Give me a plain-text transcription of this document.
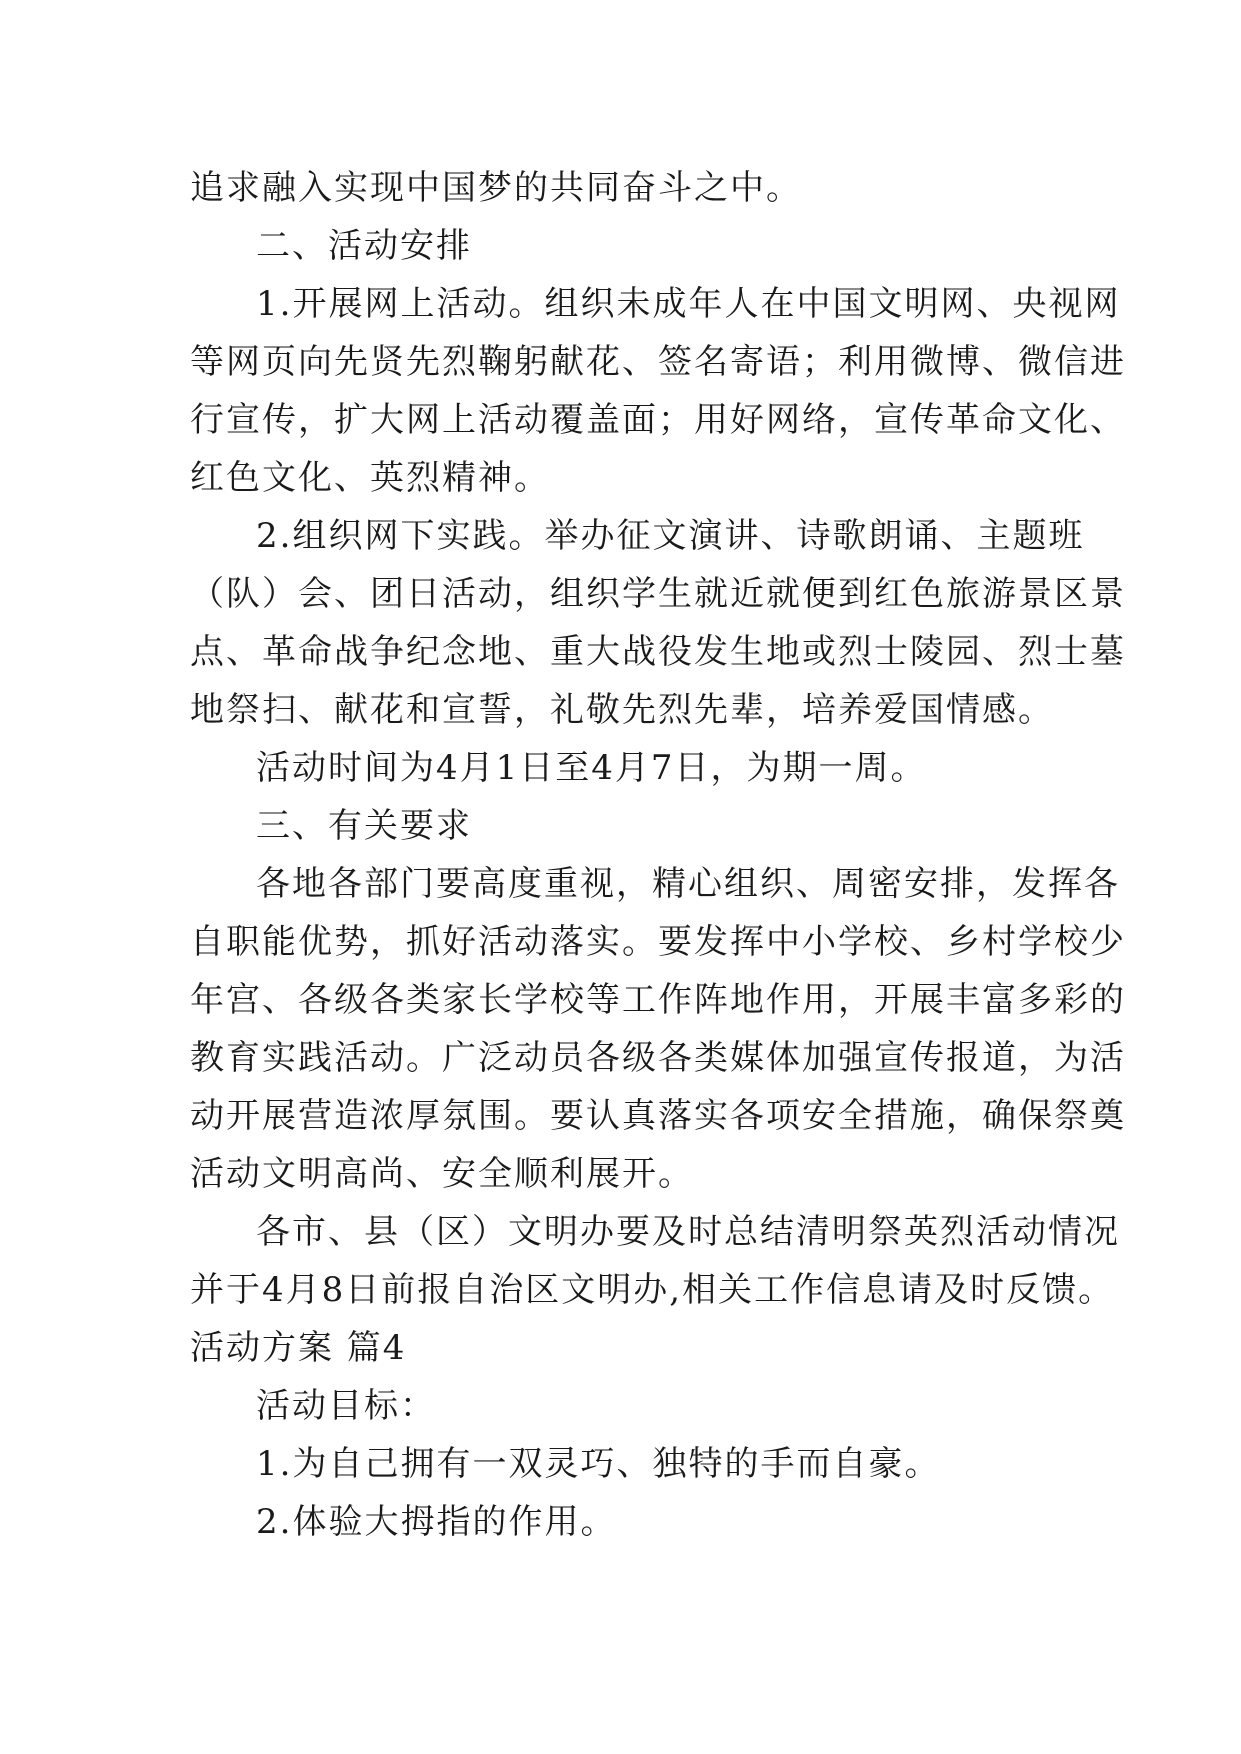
追求融入实现中国梦的共同奋斗之中。
二、活动安排
1.开展网上活动。组织未成年人在中国文明网、央视网
等网页向先贤先烈鞠躬献花、签名寄语；利用微博、微信进
行宣传，扩大网上活动覆盖面；用好网络，宣传革命文化、
红色文化、英烈精神。
2.组织网下实践。举办征文演讲、诗歌朗诵、主题班
（队）会、团日活动，组织学生就近就便到红色旅游景区景
点、革命战争纪念地、重大战役发生地或烈士陵园、烈士墓
地祭扫、献花和宣誓，礼敬先烈先辈，培养爱国情感。
活动时间为4月1日至4月7日，为期一周。
三、有关要求
各地各部门要高度重视，精心组织、周密安排，发挥各
自职能优势，抓好活动落实。要发挥中小学校、乡村学校少
年宫、各级各类家长学校等工作阵地作用，开展丰富多彩的
教育实践活动。广泛动员各级各类媒体加强宣传报道，为活
动开展营造浓厚氛围。要认真落实各项安全措施，确保祭奠
活动文明高尚、安全顺利展开。
各市、县（区）文明办要及时总结清明祭英烈活动情况
并于4月8日前报自治区文明办,相关工作信息请及时反馈。
活动方案 篇4
活动目标：
1.为自己拥有一双灵巧、独特的手而自豪。
2.体验大拇指的作用。
